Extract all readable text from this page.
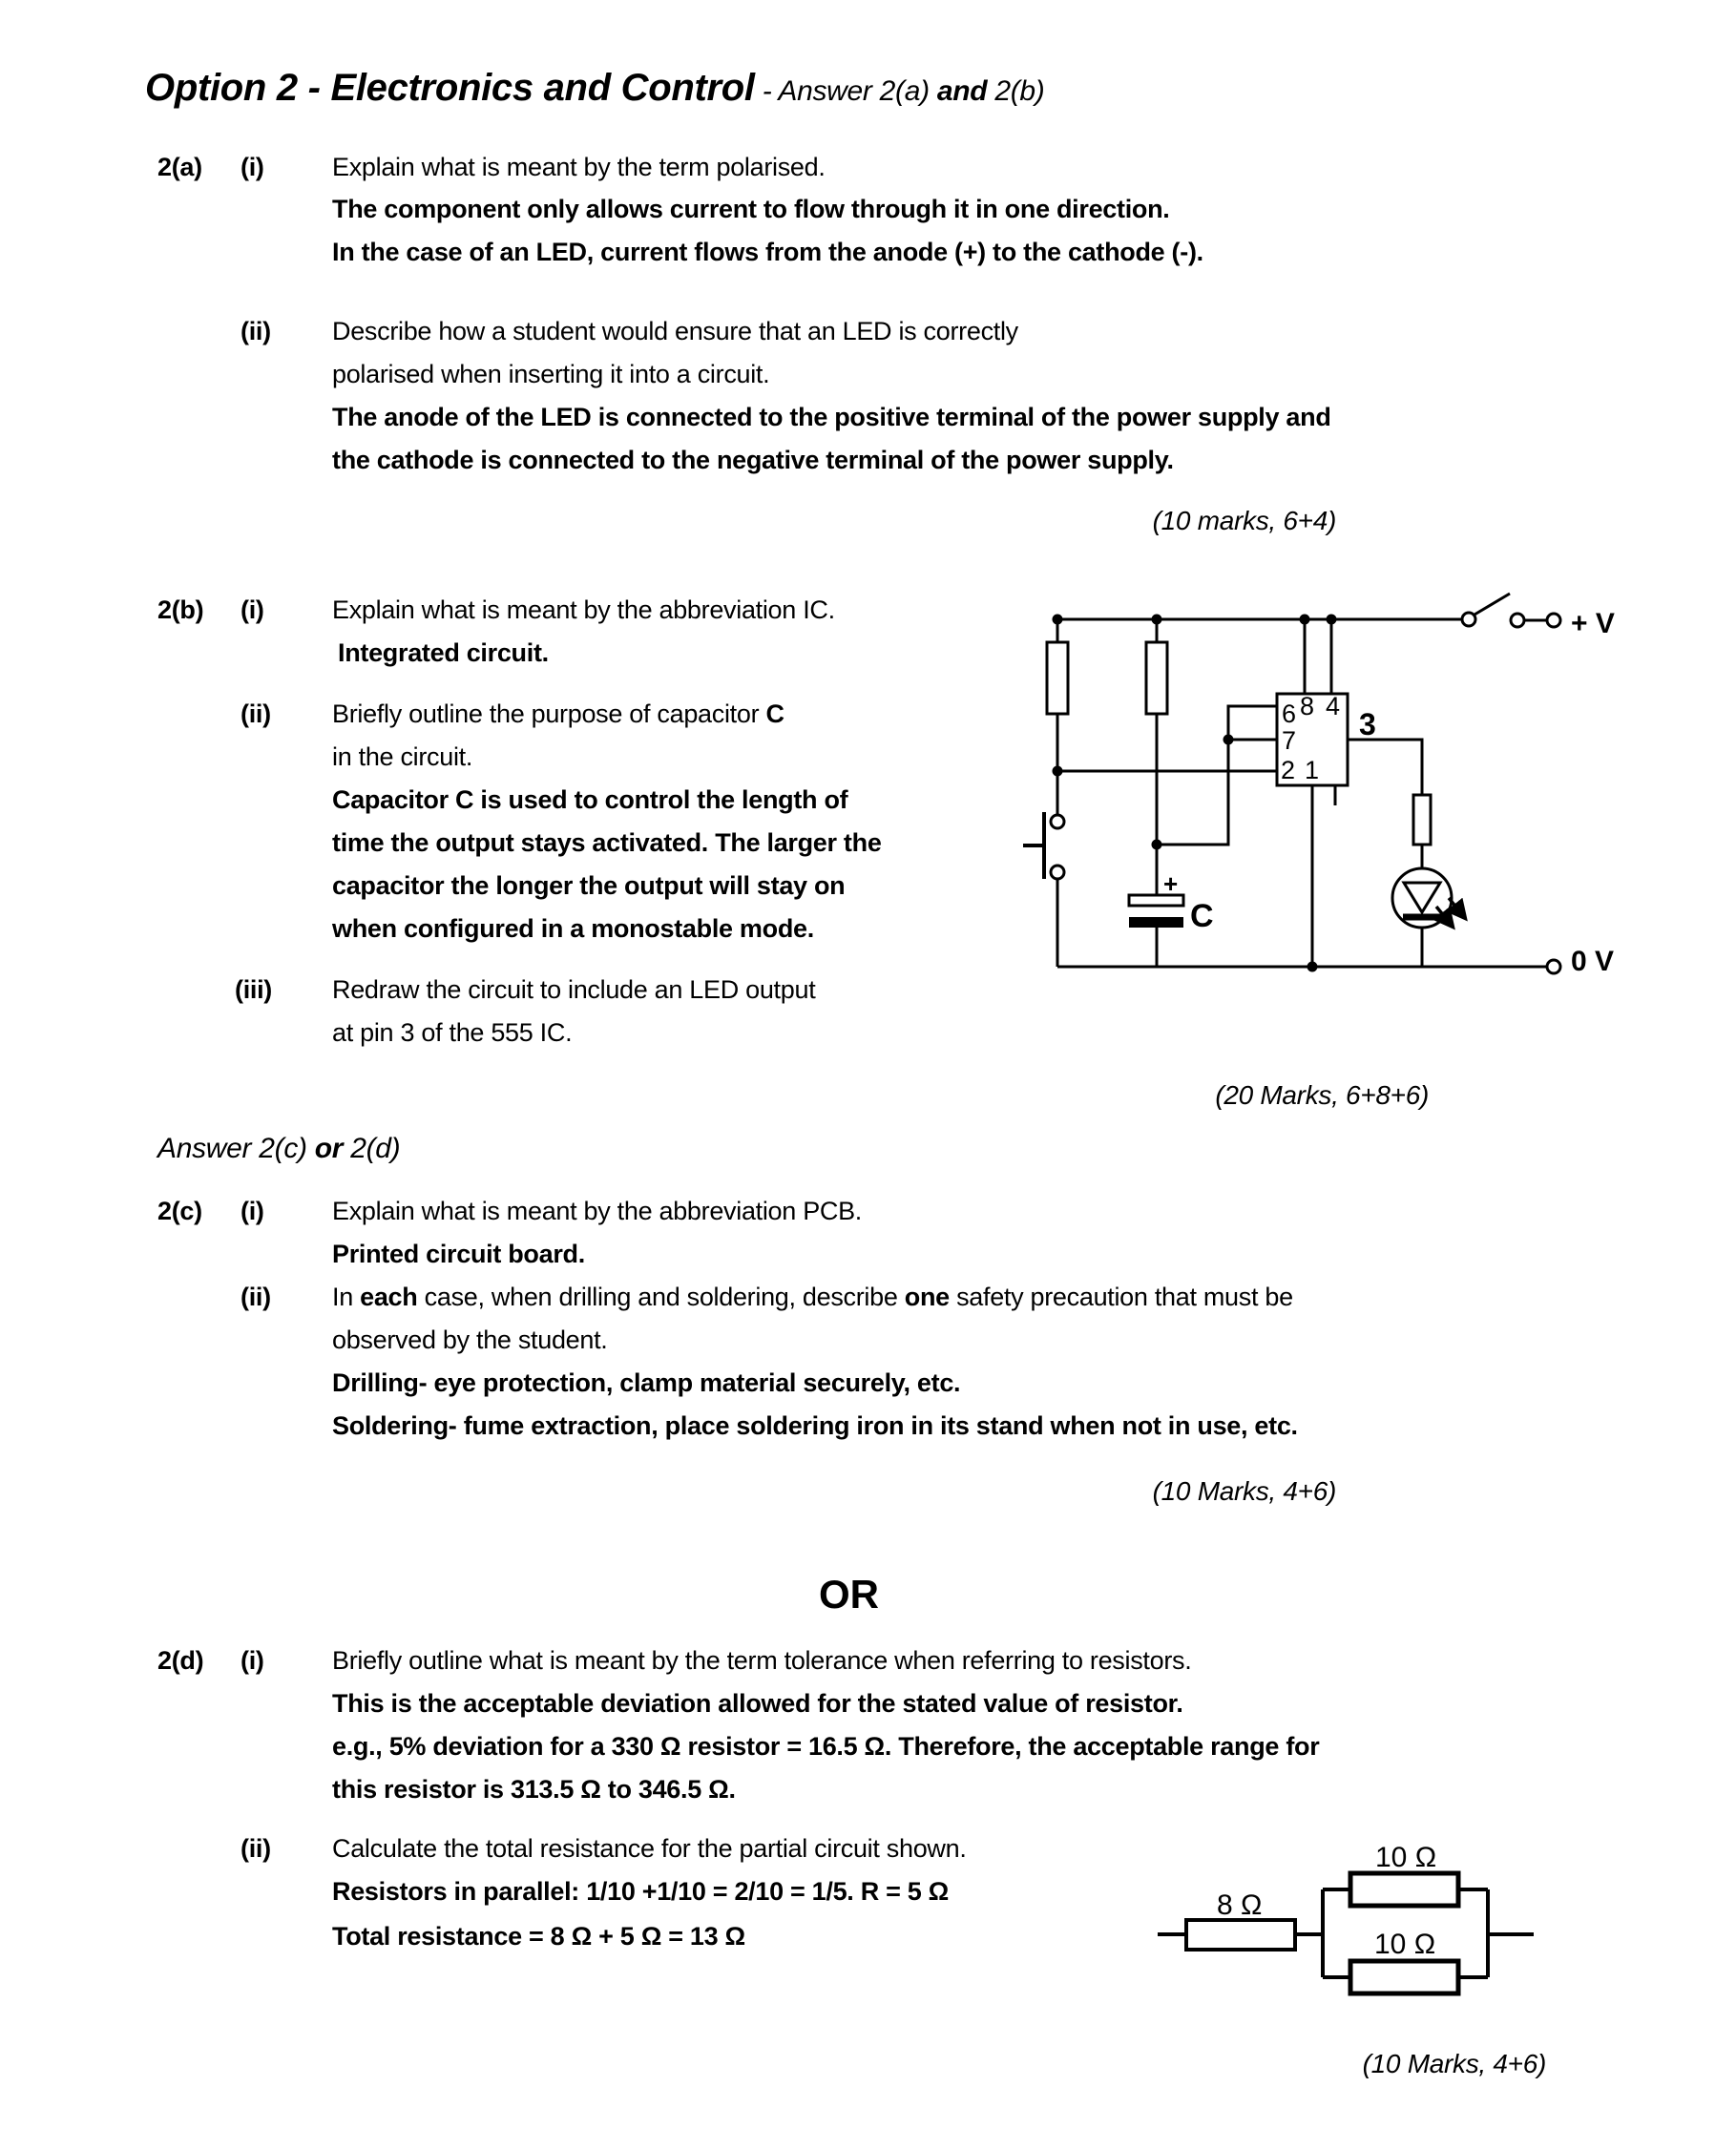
Option 2 - Electronics and Control - Answer 2(a) and 2(b)
2(a) (i)	Explain what is meant by the term polarised.
The component only allows current to flow through it in one direction.
In the case of an LED, current flows from the anode (+) to the cathode (-).
(ii) Describe how a student would ensure that an LED is correctly
polarised when inserting it into a circuit.
The anode of the LED is connected to the positive terminal of the power supply and
the cathode is connected to the negative terminal of the power supply.
(10 marks, 6+4)
2(b) (i)	Explain what is meant by the abbreviation IC.
Integrated circuit.
(ii) Briefly outline the purpose of capacitor C
in the circuit.
Capacitor C is used to control the length of
time the output stays activated. The larger the
capacitor the longer the output will stay on
when configured in a monostable mode.
(iii) Redraw the circuit to include an LED output
at pin 3 of the 555 IC.
(20 Marks, 6+8+6)
6 8 4
7
2 1
3
+
C
+ V
0 V
Answer 2(c) or 2(d)
2(c) (i)	Explain what is meant by the abbreviation PCB.
Printed circuit board.
(ii) In each case, when drilling and soldering, describe one safety precaution that must be
observed by the student.
Drilling- eye protection, clamp material securely, etc.
Soldering- fume extraction, place soldering iron in its stand when not in use, etc.
(10 Marks, 4+6)
OR
2(d) (i)	Briefly outline what is meant by the term tolerance when referring to resistors.
This is the acceptable deviation allowed for the stated value of resistor.
e.g., 5% deviation for a 330 Ω resistor = 16.5 Ω. Therefore, the acceptable range for
this resistor is 313.5 Ω to 346.5 Ω.
(ii) Calculate the total resistance for the partial circuit shown.
Resistors in parallel: 1/10 +1/10 = 2/10 = 1/5. R = 5 Ω
Total resistance = 8 Ω + 5 Ω = 13 Ω
(10 Marks, 4+6)
8 Ω
10 Ω
10 Ω
